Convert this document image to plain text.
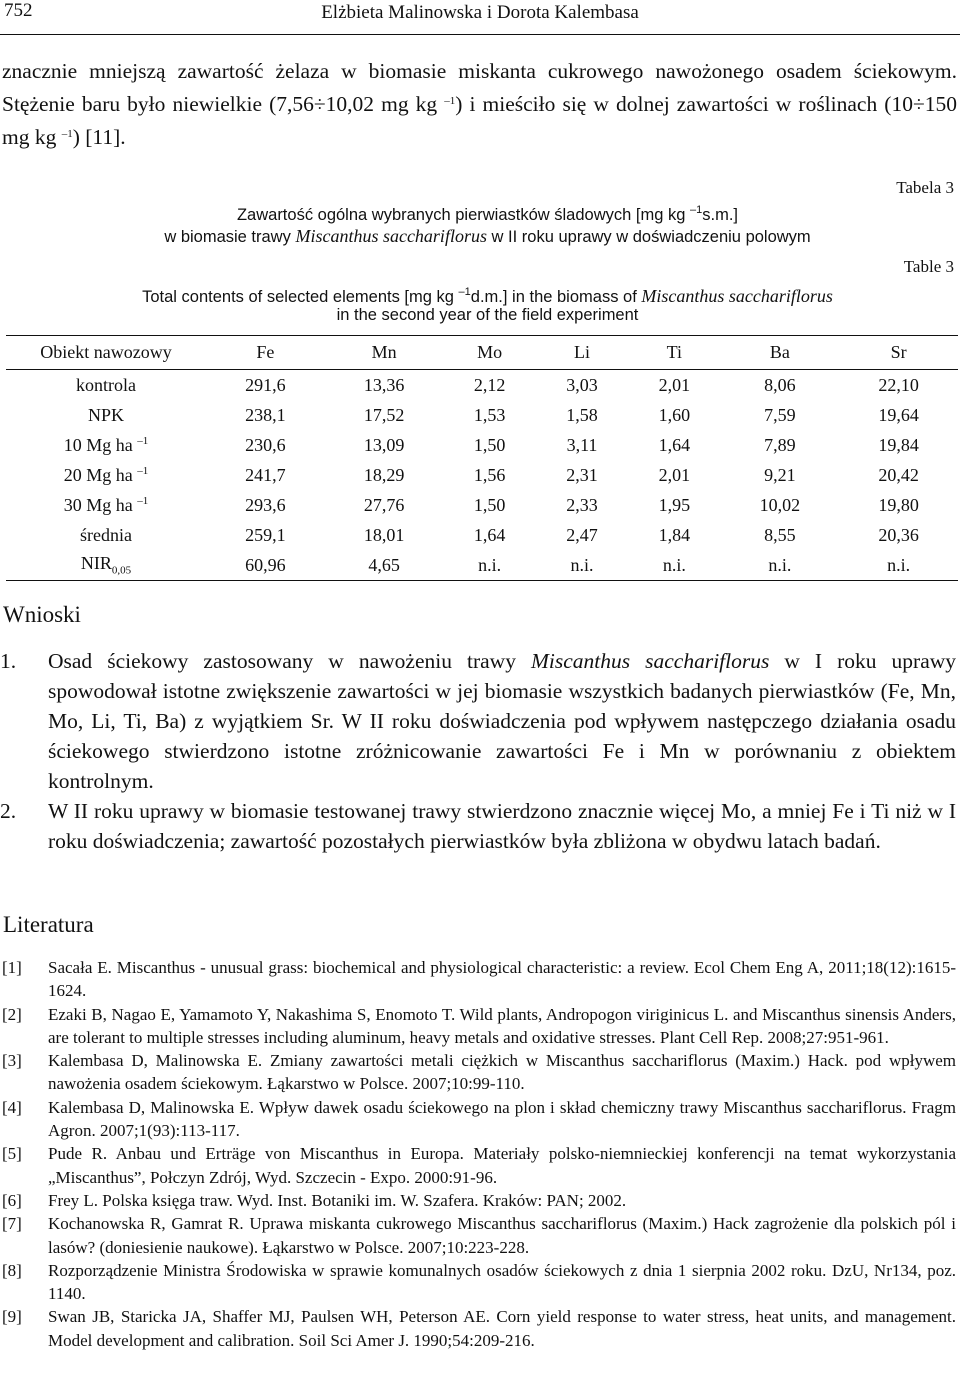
752	Elżbieta Malinowska i Dorota Kalembasa

znacznie mniejszą zawartość żelaza w biomasie miskanta cukrowego nawożonego osadem ściekowym. Stężenie baru było niewielkie (7,56÷10,02 mg kg $^{-1}$) i mieściło się w dolnej zawartości w roślinach (10÷150 mg kg $^{-1}$) [11].

Tabela 3
Zawartość ogólna wybranych pierwiastków śladowych [mg kg $^{-1}$s.m.]
w biomasie trawy Miscanthus sacchariflorus w II roku uprawy w doświadczeniu polowym
Table 3
Total contents of selected elements [mg kg $^{-1}$d.m.] in the biomass of Miscanthus sacchariflorus
in the second year of the field experiment
Obiekt nawozowy	Fe	Mn	Mo	Li	Ti	Ba	Sr
kontrola	291,6	13,36	2,12	3,03	2,01	8,06	22,10
NPK	238,1	17,52	1,53	1,58	1,60	7,59	19,64
10 Mg ha $^{-1}$	230,6	13,09	1,50	3,11	1,64	7,89	19,84
20 Mg ha $^{-1}$	241,7	18,29	1,56	2,31	2,01	9,21	20,42
30 Mg ha $^{-1}$	293,6	27,76	1,50	2,33	1,95	10,02	19,80
średnia	259,1	18,01	1,64	2,47	1,84	8,55	20,36
$NIR_{0,05}$	60,96	4,65	n.i.	n.i.	n.i.	n.i.	n.i.
Wnioski
1. Osad ściekowy zastosowany w nawożeniu trawy Miscanthus sacchariflorus w I roku uprawy spowodował istotne zwiększenie zawartości w jej biomasie wszystkich badanych pierwiastków (Fe, Mn, Mo, Li, Ti, Ba) z wyjątkiem Sr. W II roku doświadczenia pod wpływem następczego działania osadu ściekowego stwierdzono istotne zróżnicowanie zawartości Fe i Mn w porównaniu z obiektem kontrolnym.
2. W II roku uprawy w biomasie testowanej trawy stwierdzono znacznie więcej Mo, a mniej Fe i Ti niż w I roku doświadczenia; zawartość pozostałych pierwiastków była zbliżona w obydwu latach badań.
Literatura
[1] Sacała E. Miscanthus - unusual grass: biochemical and physiological characteristic: a review. Ecol Chem Eng A, 2011;18(12):1615-1624.
[2] Ezaki B, Nagao E, Yamamoto Y, Nakashima S, Enomoto T. Wild plants, Andropogon viriginicus L. and Miscanthus sinensis Anders, are tolerant to multiple stresses including aluminum, heavy metals and oxidative stresses. Plant Cell Rep. 2008;27:951-961.
[3] Kalembasa D, Malinowska E. Zmiany zawartości metali ciężkich w Miscanthus sacchariflorus (Maxim.) Hack. pod wpływem nawożenia osadem ściekowym. Łąkarstwo w Polsce. 2007;10:99-110.
[4] Kalembasa D, Malinowska E. Wpływ dawek osadu ściekowego na plon i skład chemiczny trawy Miscanthus sacchariflorus. Fragm Agron. 2007;1(93):113-117.
[5] Pude R. Anbau und Erträge von Miscanthus in Europa. Materiały polsko-niemnieckiej konferencji na temat wykorzystania „Miscanthus”, Połczyn Zdrój, Wyd. Szczecin - Expo. 2000:91-96.
[6] Frey L. Polska księga traw. Wyd. Inst. Botaniki im. W. Szafera. Kraków: PAN; 2002.
[7] Kochanowska R, Gamrat R. Uprawa miskanta cukrowego Miscanthus sacchariflorus (Maxim.) Hack zagrożenie dla polskich pól i lasów? (doniesienie naukowe). Łąkarstwo w Polsce. 2007;10:223-228.
[8] Rozporządzenie Ministra Środowiska w sprawie komunalnych osadów ściekowych z dnia 1 sierpnia 2002 roku. DzU, Nr134, poz. 1140.
[9] Swan JB, Staricka JA, Shaffer MJ, Paulsen WH, Peterson AE. Corn yield response to water stress, heat units, and management. Model development and calibration. Soil Sci Amer J. 1990;54:209-216.
